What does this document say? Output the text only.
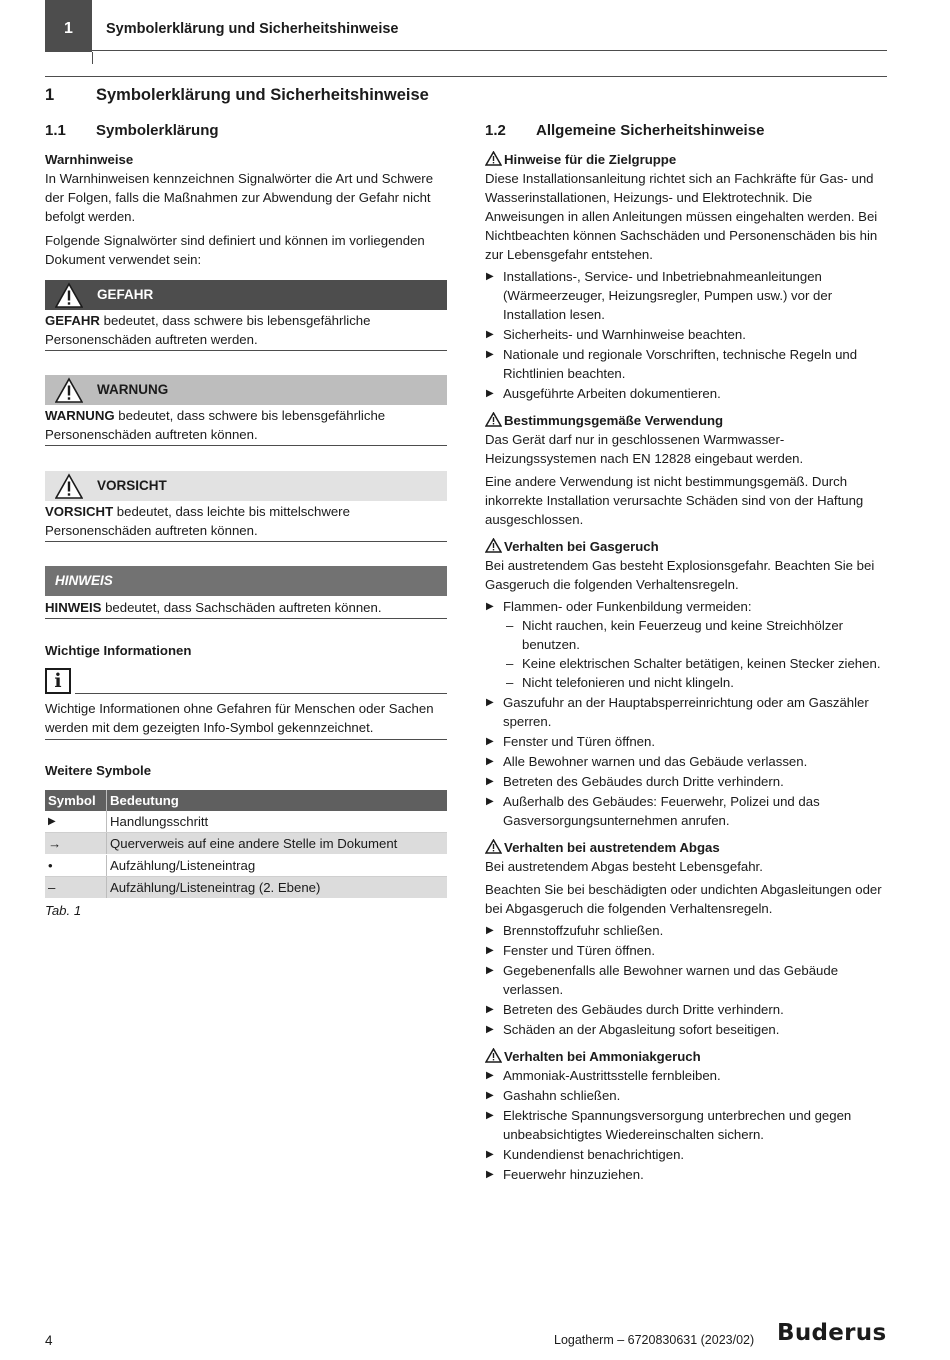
1	Symbolerklärung und Sicherheitshinweise
1	Symbolerklärung und Sicherheitshinweise
1.1 Symbolerklärung

Warnhinweise

In Warnhinweisen kennzeichnen Signalwörter die Art und Schwere der Folgen, falls die Maßnahmen zur Abwendung der Gefahr nicht befolgt werden.

Folgende Signalwörter sind definiert und können im vorliegenden Dokument verwendet sein:

GEFAHR
GEFAHR bedeutet, dass schwere bis lebensgefährliche Personenschäden auftreten werden.
WARNUNG
WARNUNG bedeutet, dass schwere bis lebensgefährliche Personenschäden auftreten können.
VORSICHT
VORSICHT bedeutet, dass leichte bis mittelschwere Personenschäden auftreten können.
HINWEIS
HINWEIS bedeutet, dass Sachschäden auftreten können.
Wichtige Informationen
i
Wichtige Informationen ohne Gefahren für Menschen oder Sachen werden mit dem gezeigten Info-Symbol gekennzeichnet.
Weitere Symbole
Symbol	Bedeutung
▶	Handlungsschritt
→	Querverweis auf eine andere Stelle im Dokument
•	Aufzählung/Listeneintrag
–	Aufzählung/Listeneintrag (2. Ebene)
Tab. 1
1.2 Allgemeine Sicherheitshinweise
Hinweise für die Zielgruppe

Diese Installationsanleitung richtet sich an Fachkräfte für Gas- und Wasserinstallationen, Heizungs- und Elektrotechnik. Die Anweisungen in allen Anleitungen müssen eingehalten werden. Bei Nichtbeachten können Sachschäden und Personenschäden bis hin zur Lebensgefahr entstehen.

▶ Installations-, Service- und Inbetriebnahmeanleitungen (Wärmeerzeuger, Heizungsregler, Pumpen usw.) vor der Installation lesen.
▶ Sicherheits- und Warnhinweise beachten.
▶ Nationale und regionale Vorschriften, technische Regeln und Richtlinien beachten.
▶ Ausgeführte Arbeiten dokumentieren.
Bestimmungsgemäße Verwendung

Das Gerät darf nur in geschlossenen Warmwasser-Heizungssystemen nach EN 12828 eingebaut werden.

Eine andere Verwendung ist nicht bestimmungsgemäß. Durch inkorrekte Installation verursachte Schäden sind von der Haftung ausgeschlossen.

Verhalten bei Gasgeruch

Bei austretendem Gas besteht Explosionsgefahr. Beachten Sie bei Gasgeruch die folgenden Verhaltensregeln.

▶ Flammen- oder Funkenbildung vermeiden:
– Nicht rauchen, kein Feuerzeug und keine Streichhölzer benutzen.
– Keine elektrischen Schalter betätigen, keinen Stecker ziehen.
– Nicht telefonieren und nicht klingeln.
▶ Gaszufuhr an der Hauptabsperreinrichtung oder am Gaszähler sperren.
▶ Fenster und Türen öffnen.
▶ Alle Bewohner warnen und das Gebäude verlassen.
▶ Betreten des Gebäudes durch Dritte verhindern.
▶ Außerhalb des Gebäudes: Feuerwehr, Polizei und das Gasversorgungsunternehmen anrufen.
Verhalten bei austretendem Abgas

Bei austretendem Abgas besteht Lebensgefahr.

Beachten Sie bei beschädigten oder undichten Abgasleitungen oder bei Abgasgeruch die folgenden Verhaltensregeln.

▶ Brennstoffzufuhr schließen.
▶ Fenster und Türen öffnen.
▶ Gegebenenfalls alle Bewohner warnen und das Gebäude verlassen.
▶ Betreten des Gebäudes durch Dritte verhindern.
▶ Schäden an der Abgasleitung sofort beseitigen.
Verhalten bei Ammoniakgeruch
▶ Ammoniak-Austrittsstelle fernbleiben.
▶ Gashahn schließen.
▶ Elektrische Spannungsversorgung unterbrechen und gegen unbeabsichtigtes Wiedereinschalten sichern.
▶ Kundendienst benachrichtigen.
▶ Feuerwehr hinzuziehen.
4	Logatherm – 6720830631 (2023/02) Buderus
